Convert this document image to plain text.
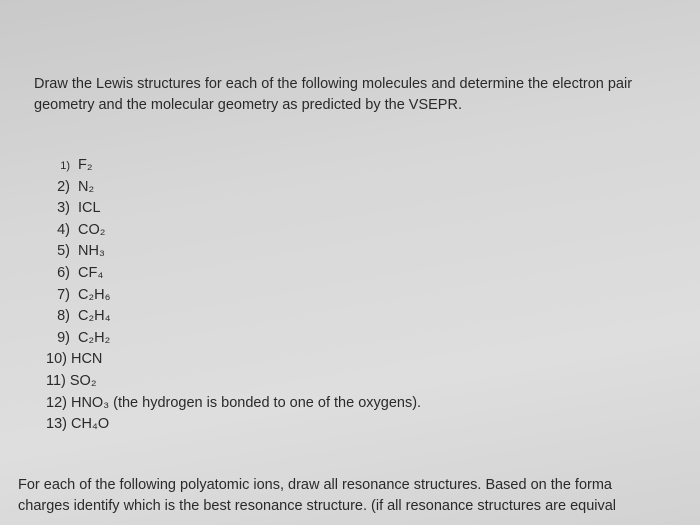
Draw the Lewis structures for each of the following molecules and determine the electron pair
geometry and the molecular geometry as predicted by the VSEPR.
1) F₂
2) N₂
3) ICL
4) CO₂
5) NH₃
6) CF₄
7) C₂H₆
8) C₂H₄
9) C₂H₂
10) HCN
11) SO₂
12) HNO₃ (the hydrogen is bonded to one of the oxygens).
13) CH₄O

For each of the following polyatomic ions, draw all resonance structures. Based on the forma

charges identify which is the best resonance structure. (if all resonance structures are equival
